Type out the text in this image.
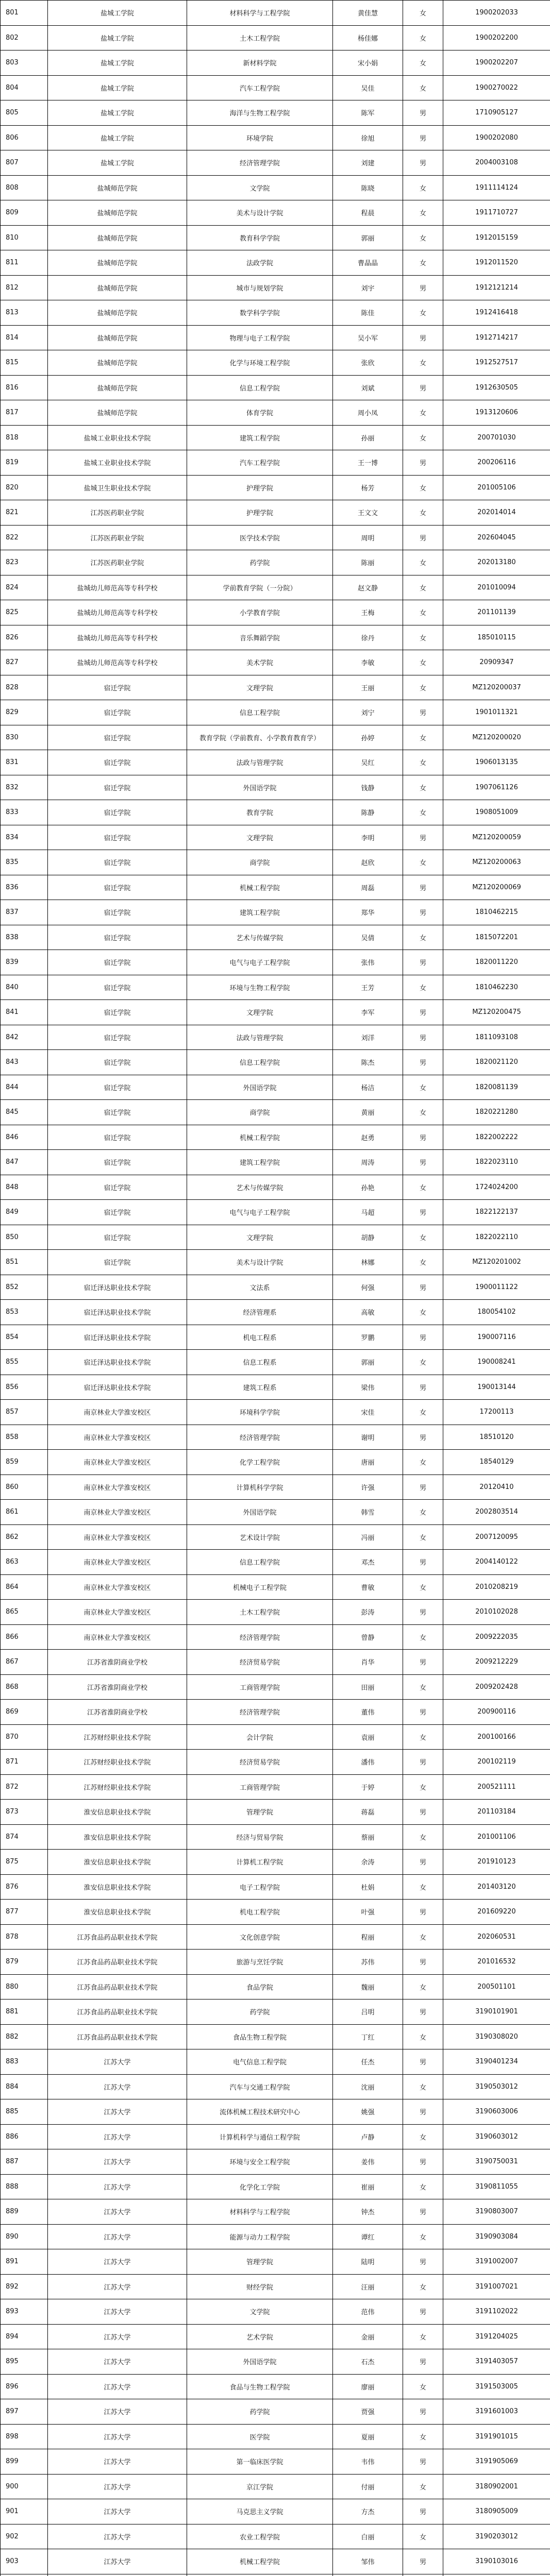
801	盐城工学院	材料科学与工程学院	黄佳慧	女	1900202033
802	盐城工学院	土木工程学院	杨佳娜	女	1900202200
803	盐城工学院	新材料学院	宋小娟	女	1900202207
804	盐城工学院	汽车工程学院	吴佳	女	1900270022
805	盐城工学院	海洋与生物工程学院	陈军	男	1710905127
806	盐城工学院	环境学院	徐旭	男	1900202080
807	盐城工学院	经济管理学院	刘建	男	2004003108
808	盐城师范学院	文学院	陈晓	女	1911114124
809	盐城师范学院	美术与设计学院	程晨	女	1911710727
810	盐城师范学院	教育科学学院	郭丽	女	1912015159
811	盐城师范学院	法政学院	曹晶晶	女	1912011520
812	盐城师范学院	城市与规划学院	刘宇	男	1912121214
813	盐城师范学院	数学科学学院	陈佳	女	1912416418
814	盐城师范学院	物理与电子工程学院	吴小军	男	1912714217
815	盐城师范学院	化学与环境工程学院	张欣	女	1912527517
816	盐城师范学院	信息工程学院	刘斌	男	1912630505
817	盐城师范学院	体育学院	周小凤	女	1913120606
818	盐城工业职业技术学院	建筑工程学院	孙丽	女	200701030
819	盐城工业职业技术学院	汽车工程学院	王一博	男	200206116
820	盐城卫生职业技术学院	护理学院	杨芳	女	201005106
821	江苏医药职业学院	护理学院	王文文	女	202014014
822	江苏医药职业学院	医学技术学院	周明	男	202604045
823	江苏医药职业学院	药学院	陈丽	女	202013180
824	盐城幼儿师范高等专科学校	学前教育学院（一分院）	赵文静	女	201010094
825	盐城幼儿师范高等专科学校	小学教育学院	王梅	女	201101139
826	盐城幼儿师范高等专科学校	音乐舞蹈学院	徐丹	女	185010115
827	盐城幼儿师范高等专科学校	美术学院	李敏	女	20909347
828	宿迁学院	文理学院	王丽	女	MZ120200037
829	宿迁学院	信息工程学院	刘宁	男	1901011321
830	宿迁学院	教育学院（学前教育、小学教育教育学）	孙婷	女	MZ120200020
831	宿迁学院	法政与管理学院	吴红	女	1906013135
832	宿迁学院	外国语学院	钱静	女	1907061126
833	宿迁学院	教育学院	陈静	女	1908051009
834	宿迁学院	文理学院	李明	男	MZ120200059
835	宿迁学院	商学院	赵欣	女	MZ120200063
836	宿迁学院	机械工程学院	周磊	男	MZ120200069
837	宿迁学院	建筑工程学院	郑华	男	1810462215
838	宿迁学院	艺术与传媒学院	吴倩	女	1815072201
839	宿迁学院	电气与电子工程学院	张伟	男	1820011220
840	宿迁学院	环境与生物工程学院	王芳	女	1810462230
841	宿迁学院	文理学院	李军	男	MZ120200475
842	宿迁学院	法政与管理学院	刘洋	男	1811093108
843	宿迁学院	信息工程学院	陈杰	男	1820021120
844	宿迁学院	外国语学院	杨洁	女	1820081139
845	宿迁学院	商学院	黄丽	女	1820221280
846	宿迁学院	机械工程学院	赵勇	男	1822002222
847	宿迁学院	建筑工程学院	周涛	男	1822023110
848	宿迁学院	艺术与传媒学院	孙艳	女	1724024200
849	宿迁学院	电气与电子工程学院	马超	男	1822122137
850	宿迁学院	文理学院	胡静	女	1822022110
851	宿迁学院	美术与设计学院	林娜	女	MZ120201002
852	宿迁泽达职业技术学院	文法系	何强	男	1900011122
853	宿迁泽达职业技术学院	经济管理系	高敏	女	180054102
854	宿迁泽达职业技术学院	机电工程系	罗鹏	男	190007116
855	宿迁泽达职业技术学院	信息工程系	郭丽	女	190008241
856	宿迁泽达职业技术学院	建筑工程系	梁伟	男	190013144
857	南京林业大学淮安校区	环境科学学院	宋佳	女	17200113
858	南京林业大学淮安校区	经济管理学院	谢明	男	18510120
859	南京林业大学淮安校区	化学工程学院	唐丽	女	18540129
860	南京林业大学淮安校区	计算机科学学院	许强	男	20120410
861	南京林业大学淮安校区	外国语学院	韩雪	女	2002803514
862	南京林业大学淮安校区	艺术设计学院	冯丽	女	2007120095
863	南京林业大学淮安校区	信息工程学院	邓杰	男	2004140122
864	南京林业大学淮安校区	机械电子工程学院	曹敏	女	2010208219
865	南京林业大学淮安校区	土木工程学院	彭涛	男	2010102028
866	南京林业大学淮安校区	经济管理学院	曾静	女	2009222035
867	江苏省淮阴商业学校	经济贸易学院	肖华	男	2009212229
868	江苏省淮阴商业学校	工商管理学院	田丽	女	2009202428
869	江苏省淮阴商业学校	经济管理学院	董伟	男	200900116
870	江苏财经职业技术学院	会计学院	袁丽	女	200100166
871	江苏财经职业技术学院	经济贸易学院	潘伟	男	200102119
872	江苏财经职业技术学院	工商管理学院	于婷	女	200521111
873	淮安信息职业技术学院	管理学院	蒋磊	男	201103184
874	淮安信息职业技术学院	经济与贸易学院	蔡丽	女	201001106
875	淮安信息职业技术学院	计算机工程学院	余涛	男	201910123
876	淮安信息职业技术学院	电子工程学院	杜娟	女	201403120
877	淮安信息职业技术学院	机电工程学院	叶强	男	201609220
878	江苏食品药品职业技术学院	文化创意学院	程丽	女	202060531
879	江苏食品药品职业技术学院	旅游与烹饪学院	苏伟	男	201016532
880	江苏食品药品职业技术学院	食品学院	魏丽	女	200501101
881	江苏食品药品职业技术学院	药学院	吕明	男	3190101901
882	江苏食品药品职业技术学院	食品生物工程学院	丁红	女	3190308020
883	江苏大学	电气信息工程学院	任杰	男	3190401234
884	江苏大学	汽车与交通工程学院	沈丽	女	3190503012
885	江苏大学	流体机械工程技术研究中心	姚强	男	3190603006
886	江苏大学	计算机科学与通信工程学院	卢静	女	3190603012
887	江苏大学	环境与安全工程学院	姜伟	男	3190750031
888	江苏大学	化学化工学院	崔丽	女	3190811055
889	江苏大学	材料科学与工程学院	钟杰	男	3190803007
890	江苏大学	能源与动力工程学院	谭红	女	3190903084
891	江苏大学	管理学院	陆明	男	3191002007
892	江苏大学	财经学院	汪丽	女	3191007021
893	江苏大学	文学院	范伟	男	3191102022
894	江苏大学	艺术学院	金丽	女	3191204025
895	江苏大学	外国语学院	石杰	男	3191403057
896	江苏大学	食品与生物工程学院	廖丽	女	3191503005
897	江苏大学	药学院	贾强	男	3191601003
898	江苏大学	医学院	夏丽	女	3191901015
899	江苏大学	第一临床医学院	韦伟	男	3191905069
900	江苏大学	京江学院	付丽	女	3180902001
901	江苏大学	马克思主义学院	方杰	男	3180905009
902	江苏大学	农业工程学院	白丽	女	3190203012
903	江苏大学	机械工程学院	邹伟	男	3190103016
